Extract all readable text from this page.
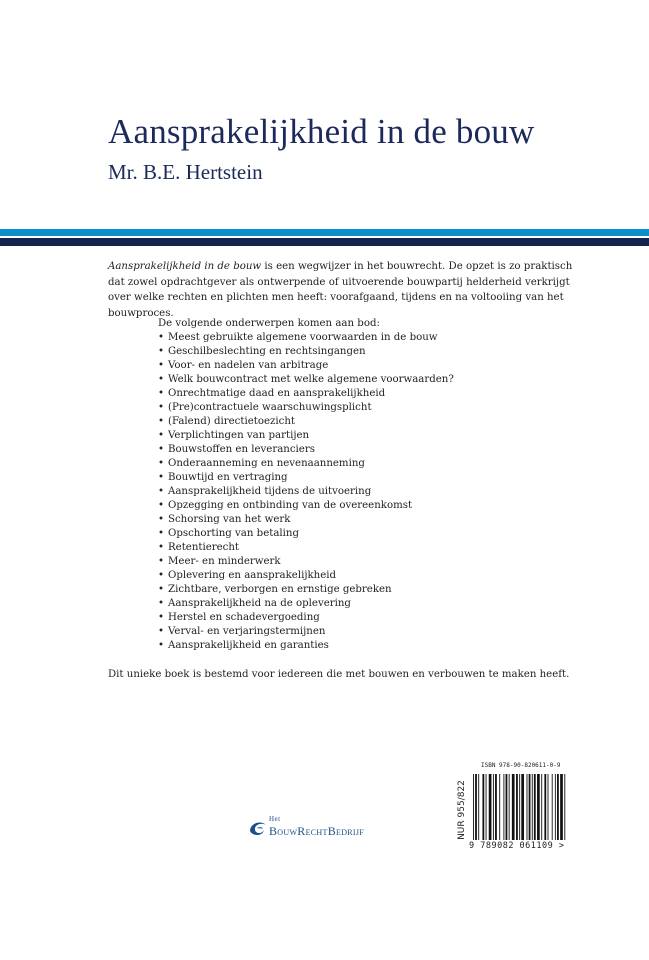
Aansprakelijkheid in de bouw
Mr. B.E. Hertstein

Aansprakelijkheid in de bouw is een wegwijzer in het bouwrecht. De opzet is zo praktisch dat zowel opdrachtgever als ontwerpende of uitvoerende bouwpartij helderheid verkrijgt over welke rechten en plichten men heeft: voorafgaand, tijdens en na voltooiing van het bouwproces.

De volgende onderwerpen komen aan bod:
• Meest gebruikte algemene voorwaarden in de bouw
• Geschilbeslechting en rechtsingangen
• Voor- en nadelen van arbitrage
• Welk bouwcontract met welke algemene voorwaarden?
• Onrechtmatige daad en aansprakelijkheid
• (Pre)contractuele waarschuwingsplicht
• (Falend) directietoezicht
• Verplichtingen van partijen
• Bouwstoffen en leveranciers
• Onderaanneming en nevenaanneming
• Bouwtijd en vertraging
• Aansprakelijkheid tijdens de uitvoering
• Opzegging en ontbinding van de overeenkomst
• Schorsing van het werk
• Opschorting van betaling
• Retentierecht
• Meer- en minderwerk
• Oplevering en aansprakelijkheid
• Zichtbare, verborgen en ernstige gebreken
• Aansprakelijkheid na de oplevering
• Herstel en schadevergoeding
• Verval- en verjaringstermijnen
• Aansprakelijkheid en garanties

Dit unieke boek is bestemd voor iedereen die met bouwen en verbouwen te maken heeft.

Het
BouwRechtBedrijf	NUR 955/822
ISBN 978-90-820611-0-9
9 789082 061109 >
